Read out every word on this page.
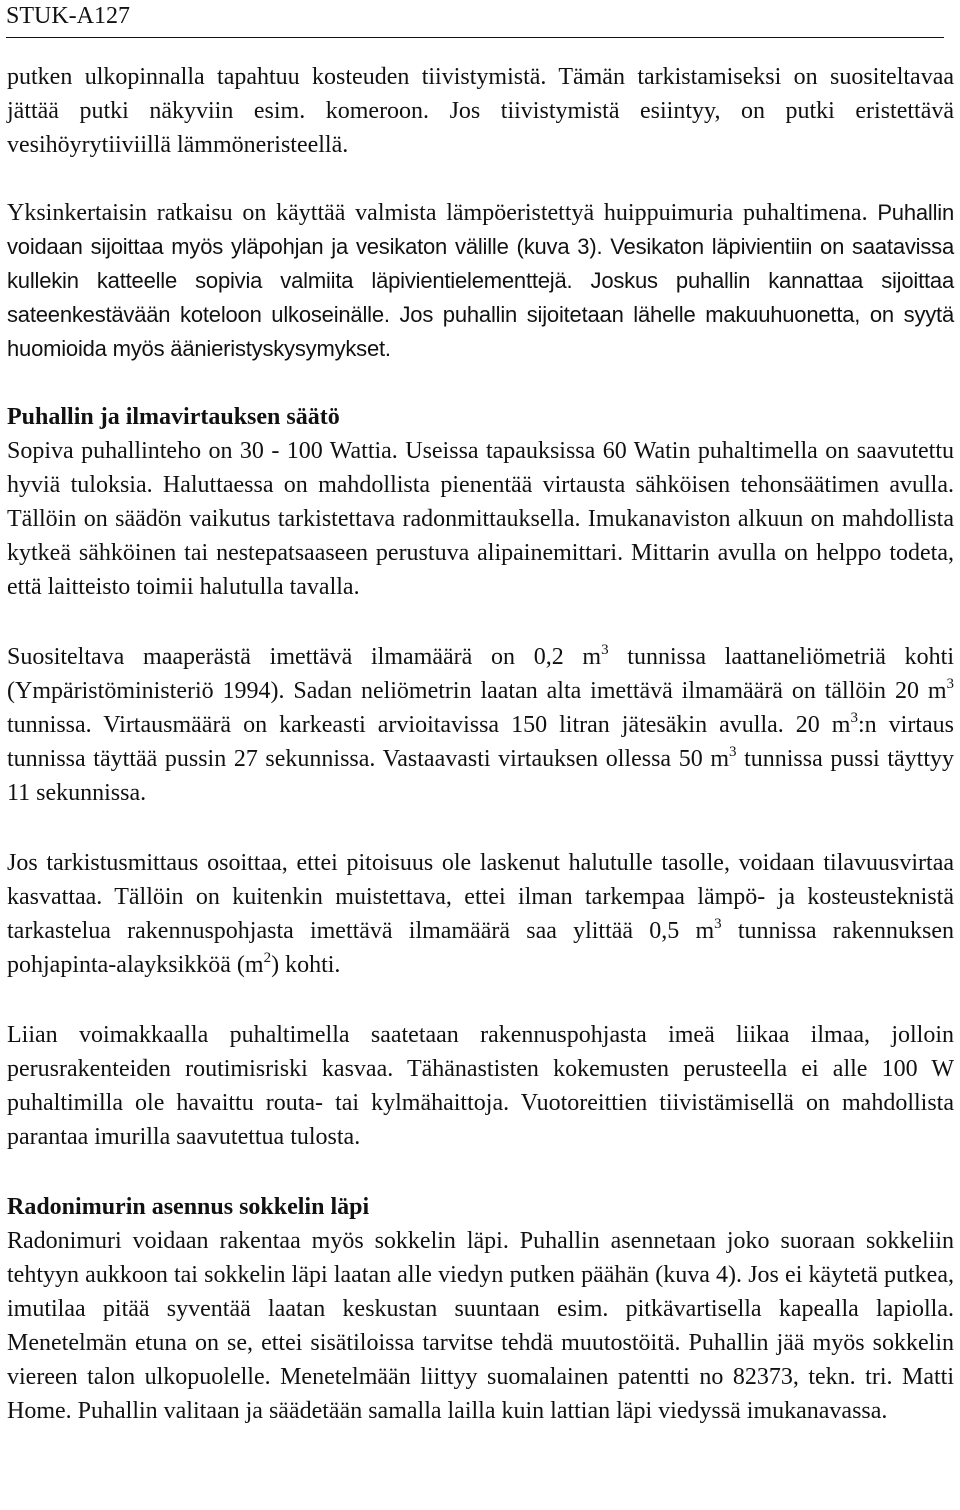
STUK-A127

putken ulkopinnalla tapahtuu kosteuden tiivistymistä. Tämän tarkistamiseksi on suositeltavaa jättää putki näkyviin esim. komeroon. Jos tiivistymistä esiintyy, on putki eristettävä vesihöyrytiiviillä lämmöneristeellä.

Yksinkertaisin ratkaisu on käyttää valmista lämpöeristettyä huippuimuria puhaltimena. Puhallin voidaan sijoittaa myös yläpohjan ja vesikaton välille (kuva 3). Vesikaton läpivientiin on saatavissa kullekin katteelle sopivia valmiita läpivientielementtejä. Joskus puhallin kannattaa sijoittaa sateenkestävään koteloon ulkoseinälle. Jos puhallin sijoitetaan lähelle makuuhuonetta, on syytä huomioida myös äänieristyskysymykset.

Puhallin ja ilmavirtauksen säätö

Sopiva puhallinteho on 30 - 100 Wattia. Useissa tapauksissa 60 Watin puhaltimella on saavutettu hyviä tuloksia. Haluttaessa on mahdollista pienentää virtausta sähköisen tehonsäätimen avulla. Tällöin on säädön vaikutus tarkistettava radonmittauksella. Imukanaviston alkuun on mahdollista kytkeä sähköinen tai nestepatsaaseen perustuva alipainemittari. Mittarin avulla on helppo todeta, että laitteisto toimii halutulla tavalla.

Suositeltava maaperästä imettävä ilmamäärä on 0,2 $m^3$ tunnissa laattaneliömetriä kohti (Ympäristöministeriö 1994). Sadan neliömetrin laatan alta imettävä ilmamäärä on tällöin 20 $m^3$ tunnissa. Virtausmäärä on karkeasti arvioitavissa 150 litran jätesäkin avulla. 20 $m^3:n$ virtaus tunnissa täyttää pussin 27 sekunnissa. Vastaavasti virtauksen ollessa 50 $m^3$ tunnissa pussi täyttyy 11 sekunnissa.

Jos tarkistusmittaus osoittaa, ettei pitoisuus ole laskenut halutulle tasolle, voidaan tilavuusvirtaa kasvattaa. Tällöin on kuitenkin muistettava, ettei ilman tarkempaa lämpö- ja kosteusteknistä tarkastelua rakennuspohjasta imettävä ilmamäärä saa ylittää 0,5 $m^3$ tunnissa rakennuksen pohjapinta-alayksikköä $(m^2)$ kohti.

Liian voimakkaalla puhaltimella saatetaan rakennuspohjasta imeä liikaa ilmaa, jolloin perusrakenteiden routimisriski kasvaa. Tähänastisten kokemusten perusteella ei alle 100 W puhaltimilla ole havaittu routa- tai kylmähaittoja. Vuotoreittien tiivistämisellä on mahdollista parantaa imurilla saavutettua tulosta.

Radonimurin asennus sokkelin läpi

Radonimuri voidaan rakentaa myös sokkelin läpi. Puhallin asennetaan joko suoraan sokkeliin tehtyyn aukkoon tai sokkelin läpi laatan alle viedyn putken päähän (kuva 4). Jos ei käytetä putkea, imutilaa pitää syventää laatan keskustan suuntaan esim. pitkävartisella kapealla lapiolla. Menetelmän etuna on se, ettei sisätiloissa tarvitse tehdä muutostöitä. Puhallin jää myös sokkelin viereen talon ulkopuolelle. Menetelmään liittyy suomalainen patentti no 82373, tekn. tri. Matti Home. Puhallin valitaan ja säädetään samalla lailla kuin lattian läpi viedyssä imukanavassa.
